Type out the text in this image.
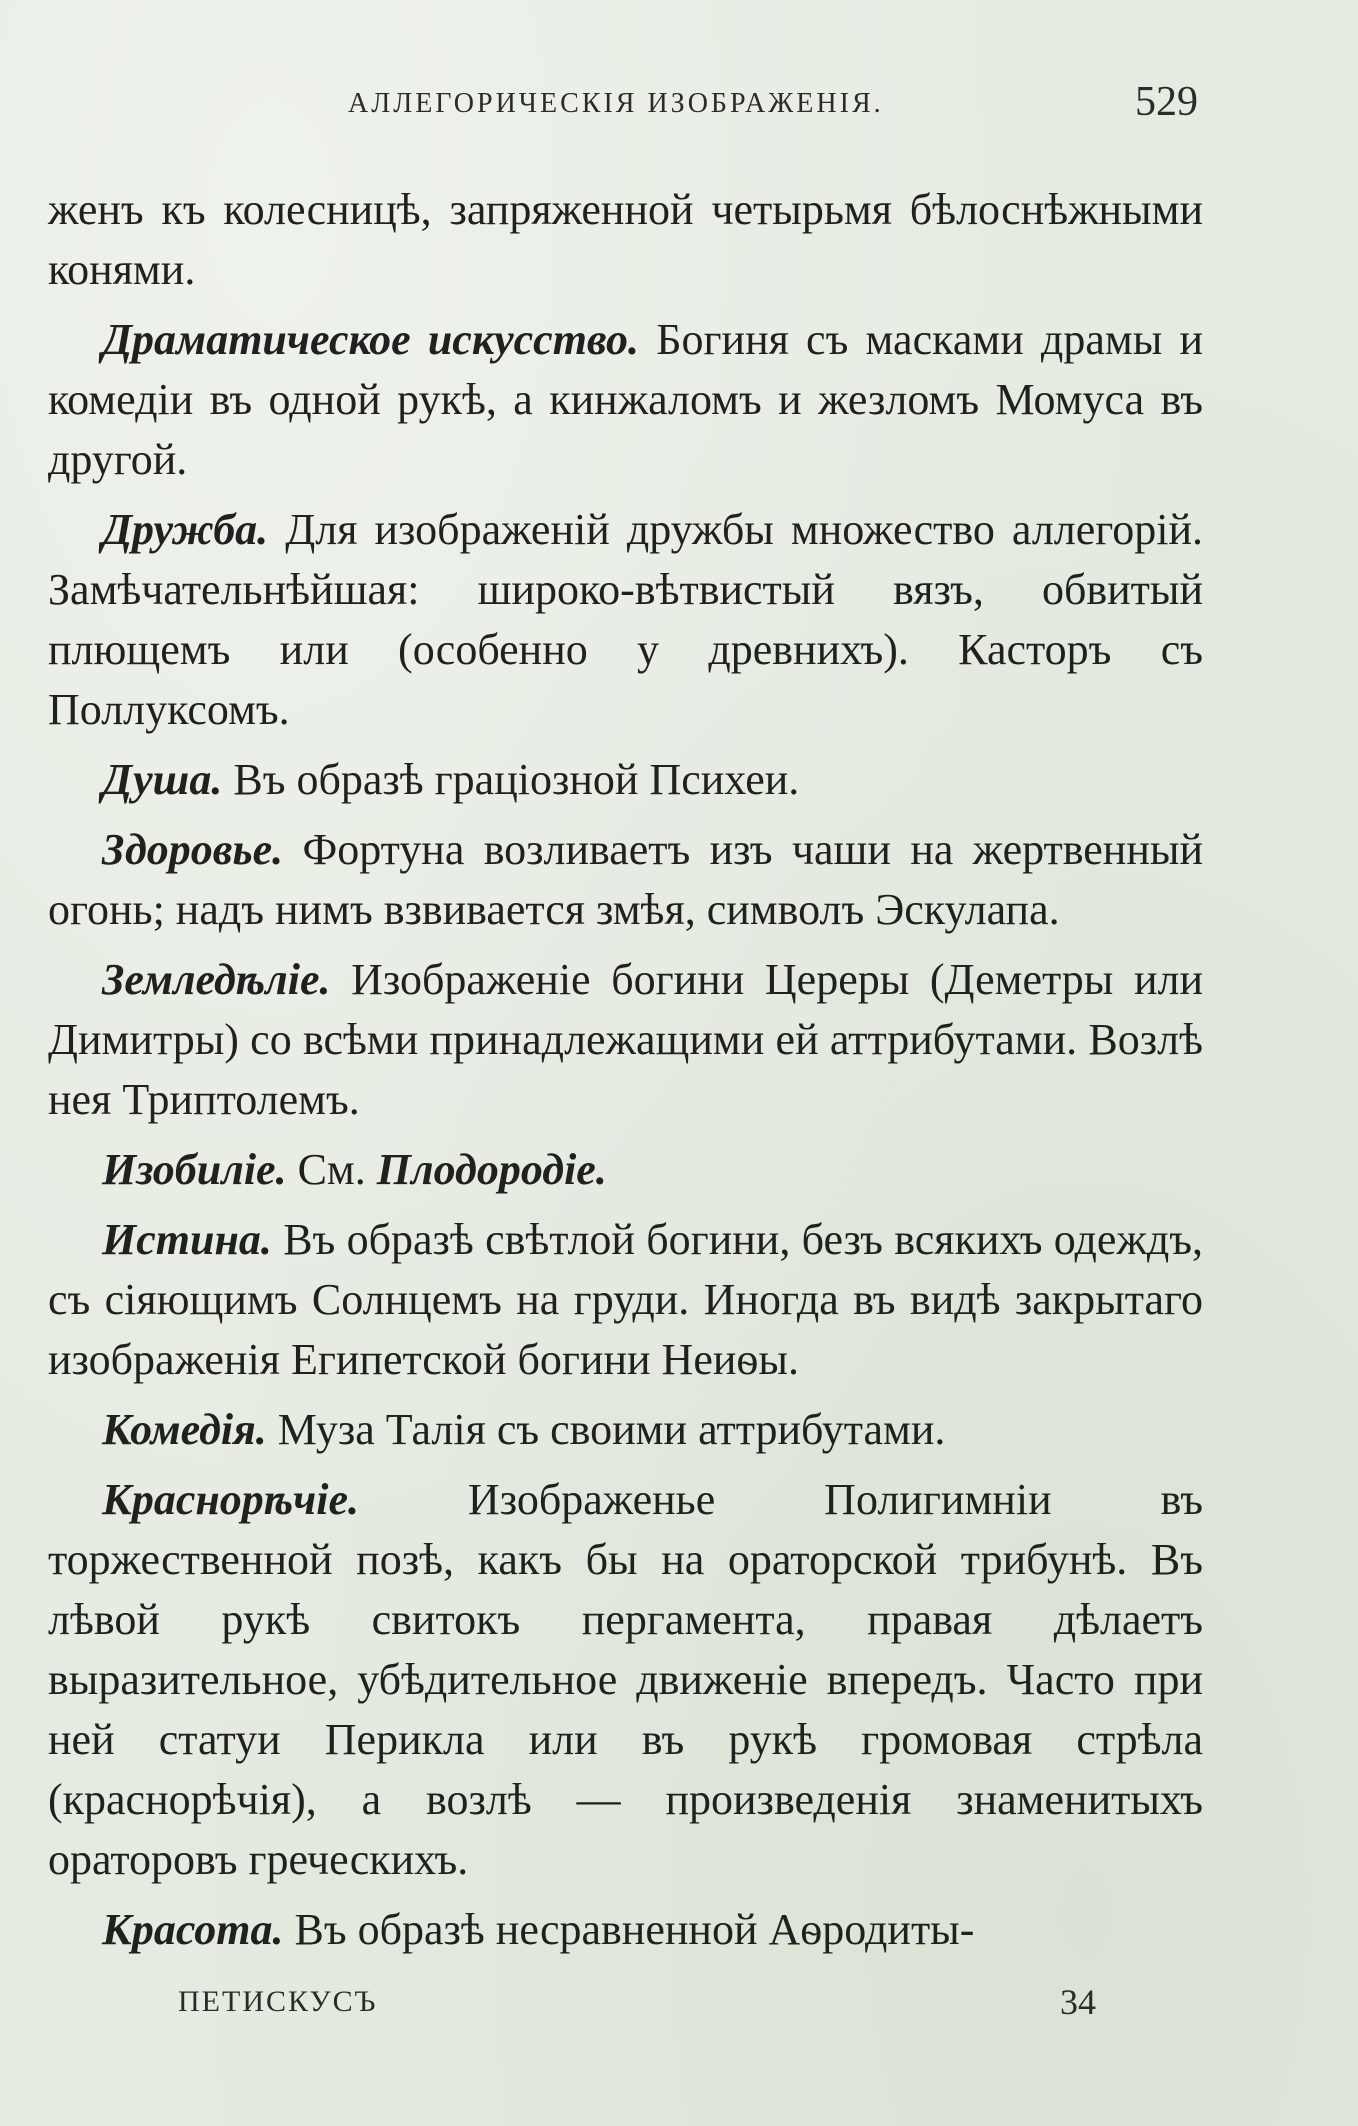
АЛЛЕГОРИЧЕСКІЯ ИЗОБРАЖЕНІЯ.	529

женъ къ колесницѣ, запряженной четырьмя бѣлоснѣжными конями.

Драматическое искусство. Богиня съ масками драмы и комедіи въ одной рукѣ, а кинжаломъ и жезломъ Момуса въ другой.

Дружба. Для изображеній дружбы множество аллегорій. Замѣчательнѣйшая: широко-вѣтвистый вязъ, обвитый плющемъ или (особенно у древнихъ). Касторъ съ Поллуксомъ.

Душа. Въ образѣ граціозной Психеи.

Здоровье. Фортуна возливаетъ изъ чаши на жертвенный огонь; надъ нимъ взвивается змѣя, символъ Эскулапа.

Земледѣліе. Изображеніе богини Цереры (Деметры или Димитры) со всѣми принадлежащими ей аттрибутами. Возлѣ нея Триптолемъ.

Изобиліе. См. Плодородіе.

Истина. Въ образѣ свѣтлой богини, безъ всякихъ одеждъ, съ сіяющимъ Солнцемъ на груди. Иногда въ видѣ закрытаго изображенія Египетской богини Неиѳы.

Комедія. Муза Талія съ своими аттрибутами.

Краснорѣчіе. Изображенье Полигимніи въ торжественной позѣ, какъ бы на ораторской трибунѣ. Въ лѣвой рукѣ свитокъ пергамента, правая дѣлаетъ выразительное, убѣдительное движеніе впередъ. Часто при ней статуи Перикла или въ рукѣ громовая стрѣла (краснорѣчія), а возлѣ — произведенія знаменитыхъ ораторовъ греческихъ.

Красота. Въ образѣ несравненной Аѳродиты-

ПЕТИСКУСЪ	34
